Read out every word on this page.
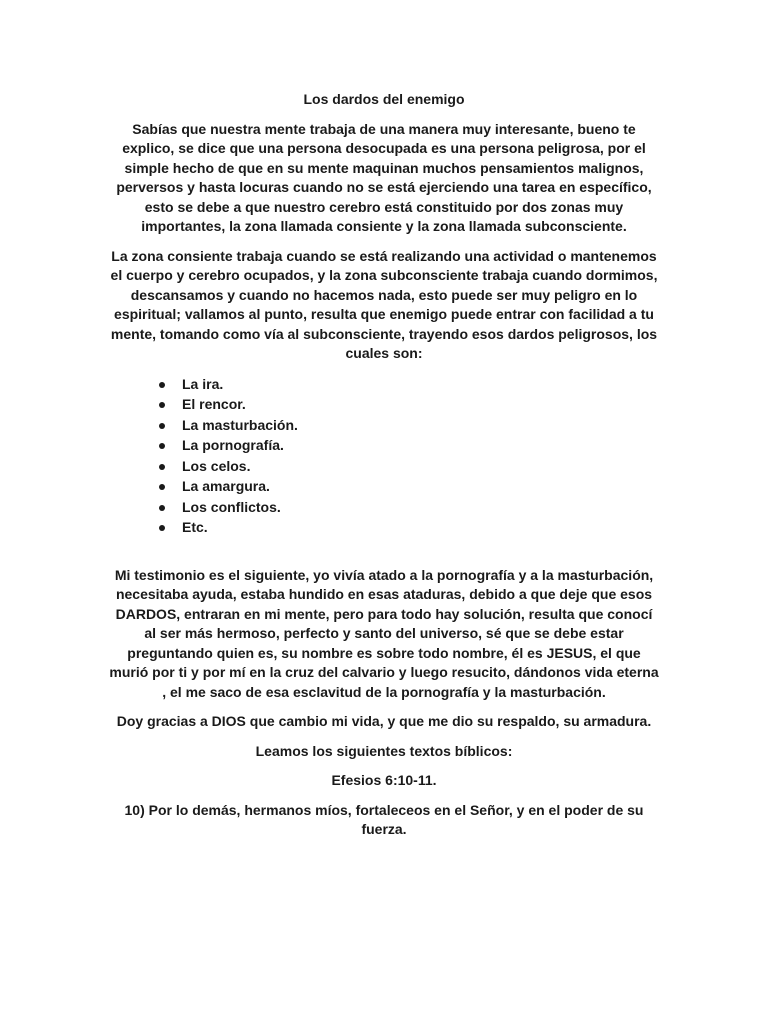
Los dardos del enemigo

Sabías que nuestra mente trabaja de una manera muy interesante, bueno te explico, se dice que una persona desocupada es una persona peligrosa, por el simple hecho de que en su mente maquinan muchos pensamientos malignos, perversos y hasta locuras cuando no se está ejerciendo una tarea en específico, esto se debe a que nuestro cerebro está constituido por dos zonas muy importantes, la zona llamada consiente y la zona llamada subconsciente.

La zona consiente trabaja cuando se está realizando una actividad o mantenemos el cuerpo y cerebro ocupados, y la zona subconsciente trabaja cuando dormimos, descansamos y cuando no hacemos nada, esto puede ser muy peligro en lo espiritual; vallamos al punto, resulta que enemigo puede entrar con facilidad a tu mente, tomando como vía al subconsciente, trayendo esos dardos peligrosos, los cuales son:

La ira.
El rencor.
La masturbación.
La pornografía.
Los celos.
La amargura.
Los conflictos.
Etc.

Mi testimonio es el siguiente, yo vivía atado a la pornografía y a la masturbación, necesitaba ayuda, estaba hundido en esas ataduras, debido a que deje que esos DARDOS, entraran en mi mente, pero para todo hay solución, resulta que conocí al ser más hermoso, perfecto y santo del universo, sé que se debe estar preguntando quien es, su nombre es sobre todo nombre, él es JESUS, el que murió por ti y por mí en la cruz del calvario y luego resucito, dándonos vida eterna , el me saco de esa esclavitud de la pornografía y la masturbación.

Doy gracias a DIOS que cambio mi vida, y que me dio su respaldo, su armadura.

Leamos los siguientes textos bíblicos:

Efesios 6:10-11.

10) Por lo demás, hermanos míos, fortaleceos en el Señor, y en el poder de su fuerza.
